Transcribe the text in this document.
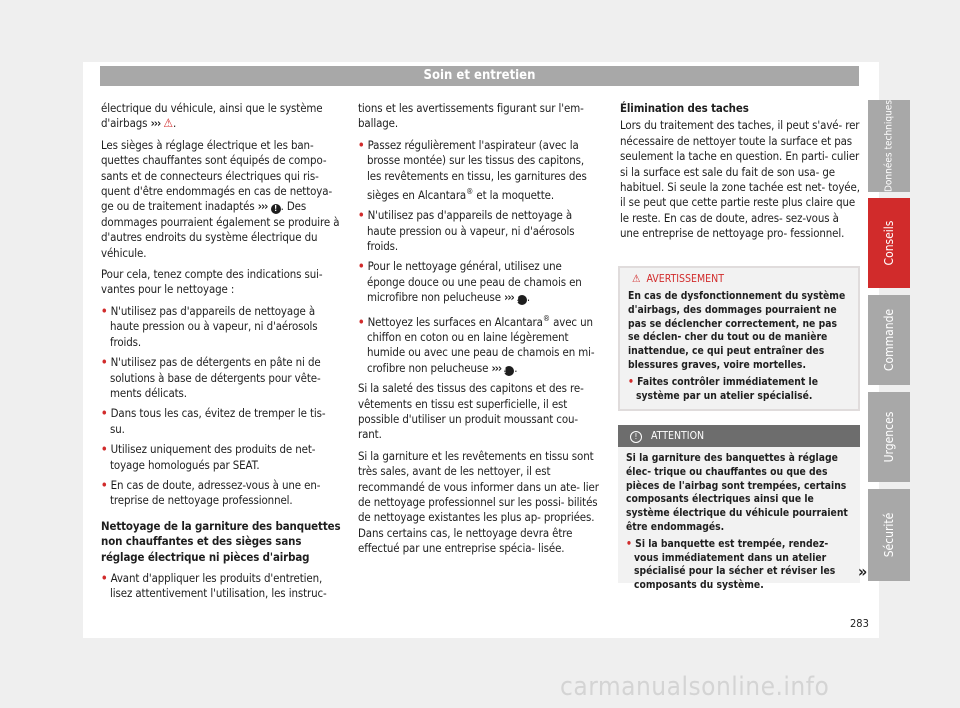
Soin et entretien

électrique du véhicule, ainsi que le système d'airbags ››› ⚠.

Les sièges à réglage électrique et les ban- quettes chauffantes sont équipés de compo- sants et de connecteurs électriques qui ris- quent d'être endommagés en cas de nettoya- ge ou de traitement inadaptés ››› ! . Des dommages pourraient également se produire à d'autres endroits du système électrique du véhicule.

Pour cela, tenez compte des indications sui- vantes pour le nettoyage :

• N'utilisez pas d'appareils de nettoyage à haute pression ou à vapeur, ni d'aérosols froids.

• N'utilisez pas de détergents en pâte ni de solutions à base de détergents pour vête- ments délicats.

• Dans tous les cas, évitez de tremper le tis- su.

• Utilisez uniquement des produits de net- toyage homologués par SEAT.

• En cas de doute, adressez-vous à une en- treprise de nettoyage professionnel.

Nettoyage de la garniture des banquettes non chauffantes et des sièges sans réglage électrique ni pièces d'airbag

• Avant d'appliquer les produits d'entretien, lisez attentivement l'utilisation, les instruc-

tions et les avertissements figurant sur l'em- ballage.

• Passez régulièrement l'aspirateur (avec la brosse montée) sur les tissus des capitons, les revêtements en tissu, les garnitures des sièges en Alcantara® et la moquette.

• N'utilisez pas d'appareils de nettoyage à haute pression ou à vapeur, ni d'aérosols froids.

• Pour le nettoyage général, utilisez une éponge douce ou une peau de chamois en microfibre non pelucheuse ››› ! .

• Nettoyez les surfaces en Alcantara® avec un chiffon en coton ou en laine légèrement humide ou avec une peau de chamois en mi- crofibre non pelucheuse ››› ! .

Si la saleté des tissus des capitons et des re- vêtements en tissu est superficielle, il est possible d'utiliser un produit moussant cou- rant.

Si la garniture et les revêtements en tissu sont très sales, avant de les nettoyer, il est recommandé de vous informer dans un ate- lier de nettoyage professionnel sur les possi- bilités de nettoyage existantes les plus ap- propriées. Dans certains cas, le nettoyage devra être effectué par une entreprise spécia- lisée.

Élimination des taches

Lors du traitement des taches, il peut s'avé- rer nécessaire de nettoyer toute la surface et pas seulement la tache en question. En parti- culier si la surface est sale du fait de son usa- ge habituel. Si seule la zone tachée est net- toyée, il se peut que cette partie reste plus claire que le reste. En cas de doute, adres- sez-vous à une entreprise de nettoyage pro- fessionnel.

⚠ AVERTISSEMENT

En cas de dysfonctionnement du système d'airbags, des dommages pourraient ne pas se déclencher correctement, ne pas se déclen- cher du tout ou de manière inattendue, ce qui peut entraîner des blessures graves, voire mortelles.

• Faites contrôler immédiatement le système par un atelier spécialisé.

! ATTENTION

Si la garniture des banquettes à réglage élec- trique ou chauffantes ou que des pièces de l'airbag sont trempées, certains composants électriques ainsi que le système électrique du véhicule pourraient être endommagés.

• Si la banquette est trempée, rendez-vous immédiatement dans un atelier spécialisé pour la sécher et réviser les composants du système.

»
Données techniques
Conseils
Commande
Urgences
Sécurité
283
carmanualsonline.info
